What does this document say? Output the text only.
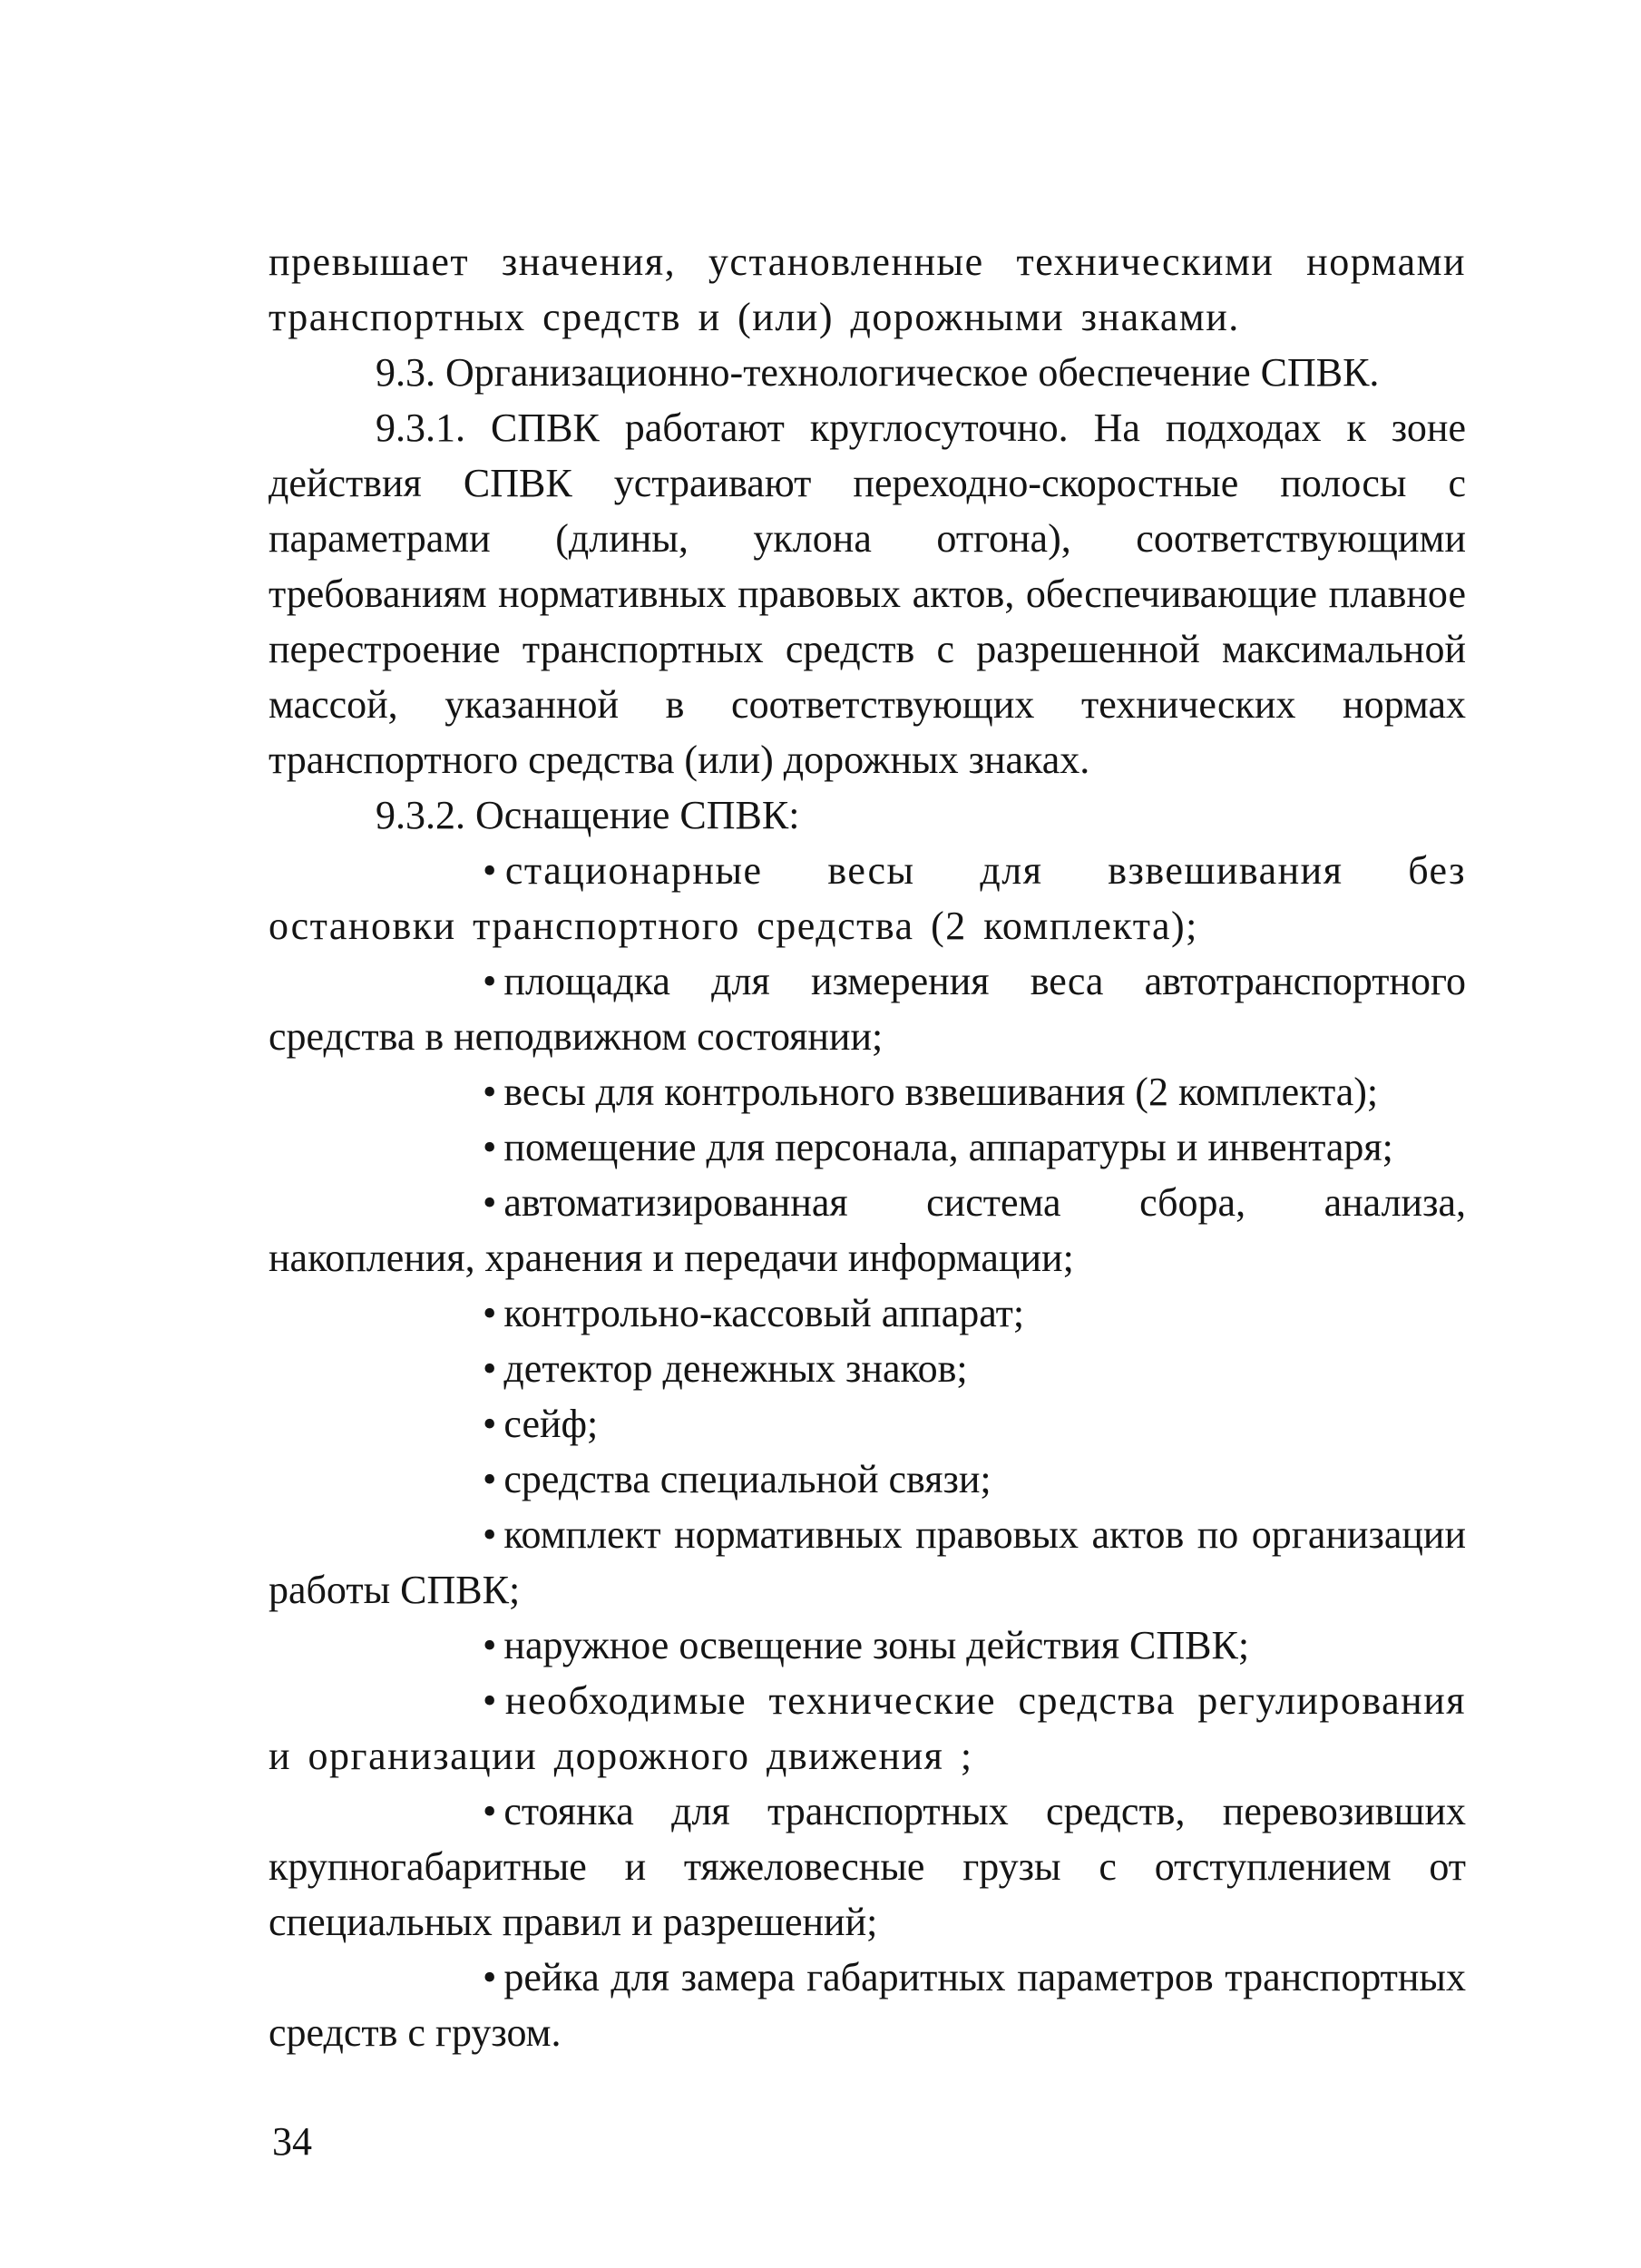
превышает значения, установленные техническими нормами транспортных средств и (или) дорожными знаками.

9.3. Организационно-технологическое обеспечение СПВК.

9.3.1. СПВК работают круглосуточно. На подходах к зоне действия СПВК устраивают переходно-скоростные полосы с параметрами (длины, уклона отгона), соответствующими требованиям нормативных правовых актов, обеспечивающие плавное перестроение транспортных средств с разрешенной максимальной массой, указанной в соответствующих технических нормах транспортного средства (или) дорожных знаках.

9.3.2. Оснащение СПВК:

• стационарные весы для взвешивания без остановки транспортного средства (2 комплекта);

• площадка для измерения веса автотранспортного средства в неподвижном состоянии;

• весы для контрольного взвешивания (2 комплекта);

• помещение для персонала, аппаратуры и инвентаря;

• автоматизированная система сбора, анализа, накопления, хранения и передачи информации;

• контрольно-кассовый аппарат;

• детектор денежных знаков;

• сейф;

• средства специальной связи;

• комплект нормативных правовых актов по организации работы СПВК;

• наружное освещение зоны действия СПВК;

• необходимые технические средства регулирования и организации дорожного движения ;

• стоянка для транспортных средств, перевозивших крупногабаритные и тяжеловесные грузы с отступлением от специальных правил и разрешений;

• рейка для замера габаритных параметров транспортных средств с грузом.

34
